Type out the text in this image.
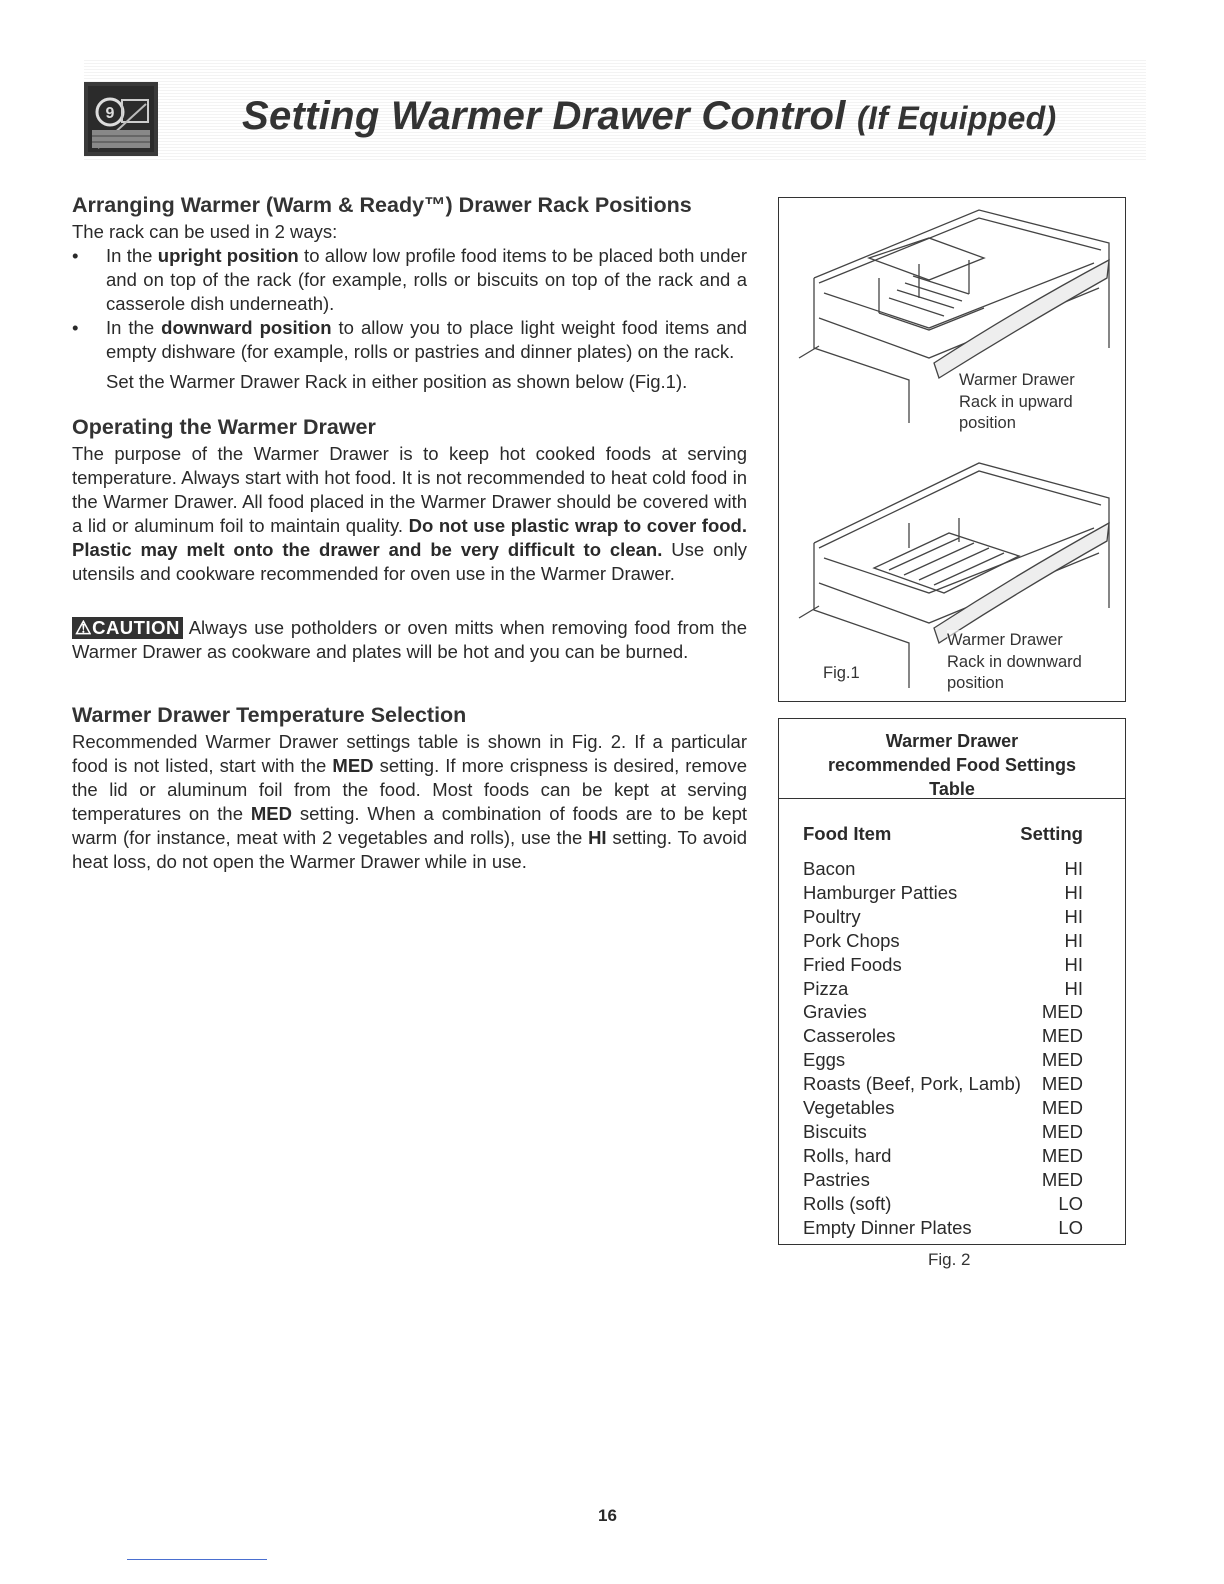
9	Setting Warmer Drawer Control (If Equipped)
Arranging Warmer (Warm & Ready™) Drawer Rack Positions

The rack can be used in 2 ways:

• In the upright position to allow low profile food items to be placed both under and on top of the rack (for example, rolls or biscuits on top of the rack and a casserole dish underneath).
• In the downward position to allow you to place light weight food items and empty dishware (for example, rolls or pastries and dinner plates) on the rack.

Set the Warmer Drawer Rack in either position as shown below (Fig.1).

Operating the Warmer Drawer

The purpose of the Warmer Drawer is to keep hot cooked foods at serving temperature. Always start with hot food. It is not recommended to heat cold food in the Warmer Drawer. All food placed in the Warmer Drawer should be covered with a lid or aluminum foil to maintain quality. Do not use plastic wrap to cover food. Plastic may melt onto the drawer and be very difficult to clean. Use only utensils and cookware recommended for oven use in the Warmer Drawer.

⚠CAUTION Always use potholders or oven mitts when removing food from the Warmer Drawer as cookware and plates will be hot and you can be burned.

Warmer Drawer Temperature Selection

Recommended Warmer Drawer settings table is shown in Fig. 2. If a particular food is not listed, start with the MED setting. If more crispness is desired, remove the lid or aluminum foil from the food. Most foods can be kept at serving temperatures on the MED setting. When a combination of foods are to be kept warm (for instance, meat with 2 vegetables and rolls), use the HI setting. To avoid heat loss, do not open the Warmer Drawer while in use.

Warmer Drawer
Rack in upward
position
Warmer Drawer
Rack in downward
position
Fig.1
Warmer Drawer
recommended Food Settings
Table
Food Item	Setting
Bacon	HI
Hamburger Patties	HI
Poultry	HI
Pork Chops	HI
Fried Foods	HI
Pizza	HI
Gravies	MED
Casseroles	MED
Eggs	MED
Roasts (Beef, Pork, Lamb) MED
Vegetables	MED
Biscuits	MED
Rolls, hard	MED
Pastries	MED
Rolls (soft)	LO
Empty Dinner Plates	LO
Fig. 2
16
